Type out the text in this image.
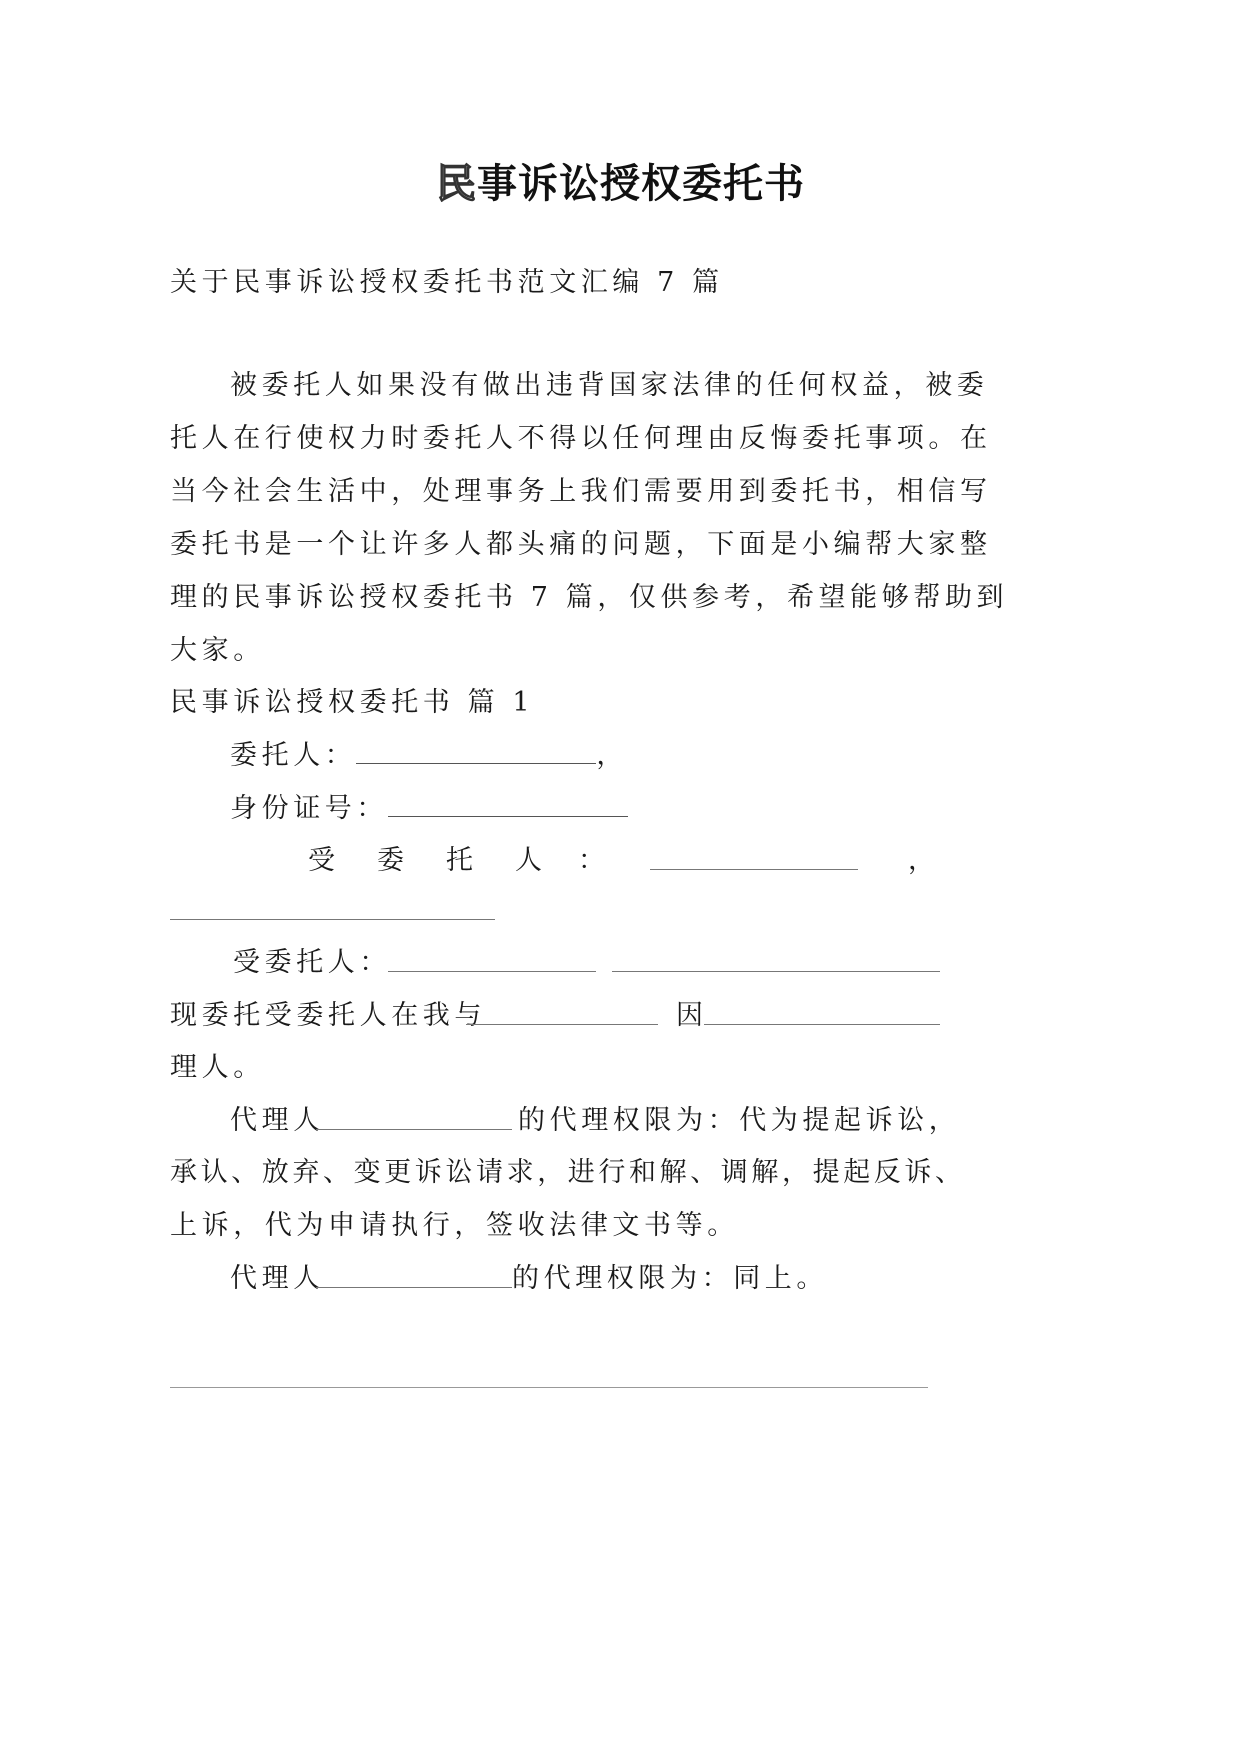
民事诉讼授权委托书
关于民事诉讼授权委托书范文汇编 7 篇
被委托人如果没有做出违背国家法律的任何权益，被委
托人在行使权力时委托人不得以任何理由反悔委托事项。在
当今社会生活中，处理事务上我们需要用到委托书，相信写
委托书是一个让许多人都头痛的问题，下面是小编帮大家整
理的民事诉讼授权委托书 7 篇，仅供参考，希望能够帮助到
大家。
民事诉讼授权委托书 篇 1
委托人：	，
身份证号：
受 委 托 人 ：	，
受委托人：
现委托受委托人在我与	因
理人。
代理人	的代理权限为：代为提起诉讼，
承认、放弃、变更诉讼请求，进行和解、调解，提起反诉、
上诉，代为申请执行，签收法律文书等。
代理人	的代理权限为：同上。
